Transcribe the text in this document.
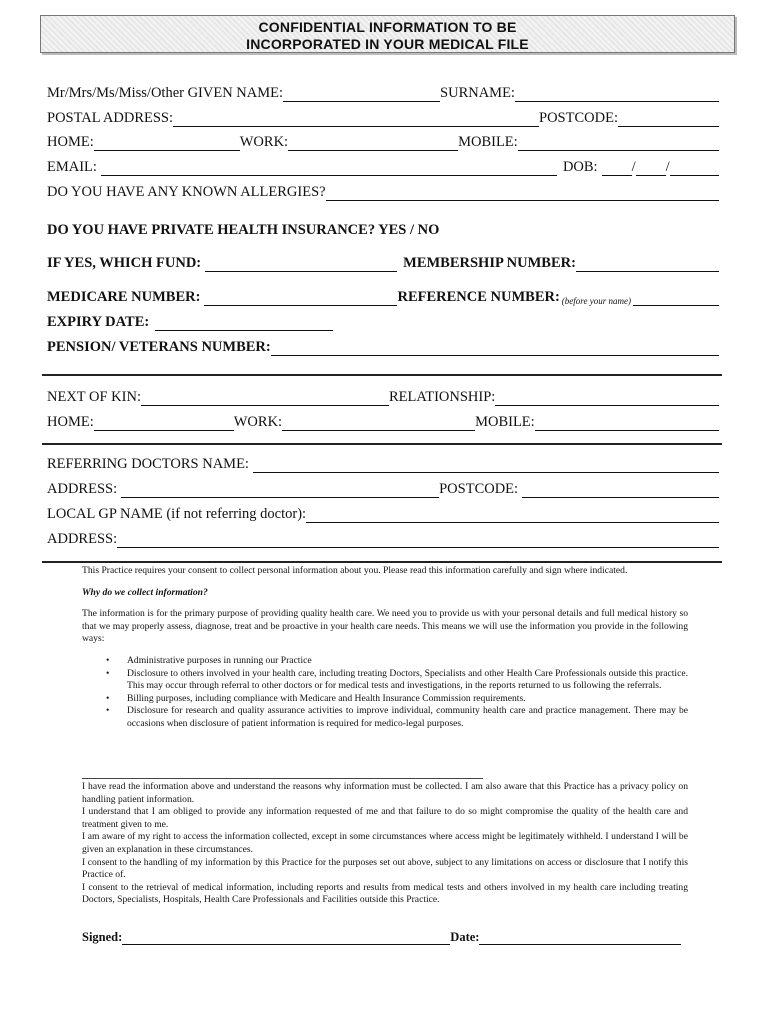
CONFIDENTIAL INFORMATION TO BE
INCORPORATED IN YOUR MEDICAL FILE
Mr/Mrs/Ms/Miss/Other GIVEN NAME:	SURNAME:
POSTAL ADDRESS:	POSTCODE:
HOME:	WORK:	MOBILE:
EMAIL:	DOB: / /
DO YOU HAVE ANY KNOWN ALLERGIES?
DO YOU HAVE PRIVATE HEALTH INSURANCE? YES / NO
IF YES, WHICH FUND:	MEMBERSHIP NUMBER:
MEDICARE NUMBER:	REFERENCE NUMBER: (before your name)
EXPIRY DATE:
PENSION/ VETERANS NUMBER:
NEXT OF KIN:	RELATIONSHIP:
HOME:	WORK:	MOBILE:
REFERRING DOCTORS NAME:
ADDRESS:	POSTCODE:
LOCAL GP NAME (if not referring doctor):
ADDRESS:

This Practice requires your consent to collect personal information about you. Please read this information carefully and sign where indicated.

Why do we collect information?

The information is for the primary purpose of providing quality health care. We need you to provide us with your personal details and full medical history so that we may properly assess, diagnose, treat and be proactive in your health care needs. This means we will use the information you provide in the following ways:

• Administrative purposes in running our Practice
• Disclosure to others involved in your health care, including treating Doctors, Specialists and other Health Care Professionals outside this practice. This may occur through referral to other doctors or for medical tests and investigations, in the reports returned to us following the referrals.
• Billing purposes, including compliance with Medicare and Health Insurance Commission requirements.
• Disclosure for research and quality assurance activities to improve individual, community health care and practice management. There may be occasions when disclosure of patient information is required for medico-legal purposes.

I have read the information above and understand the reasons why information must be collected. I am also aware that this Practice has a privacy policy on handling patient information.

I understand that I am obliged to provide any information requested of me and that failure to do so might compromise the quality of the health care and treatment given to me.

I am aware of my right to access the information collected, except in some circumstances where access might be legitimately withheld. I understand I will be given an explanation in these circumstances.

I consent to the handling of my information by this Practice for the purposes set out above, subject to any limitations on access or disclosure that I notify this Practice of.

I consent to the retrieval of medical information, including reports and results from medical tests and others involved in my health care including treating Doctors, Specialists, Hospitals, Health Care Professionals and Facilities outside this Practice.

Signed:	Date:
